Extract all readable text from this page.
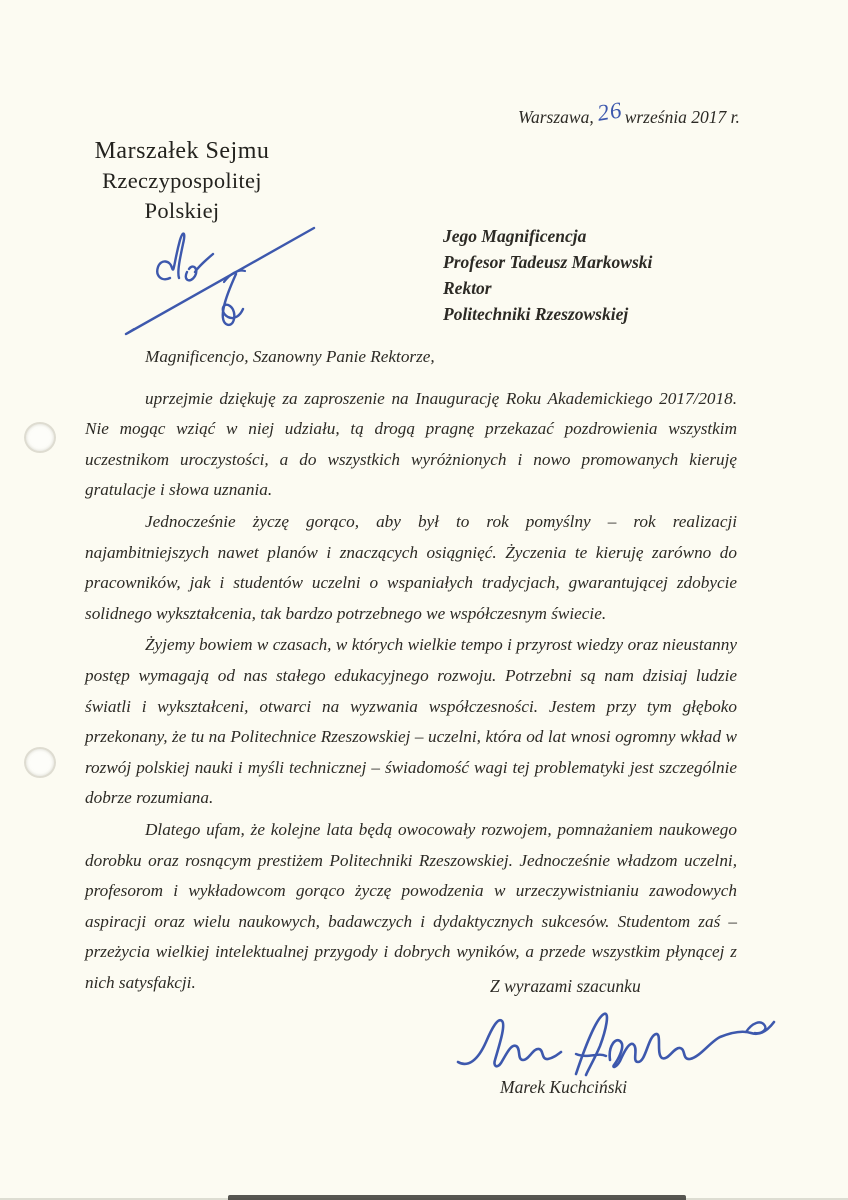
Warszawa, 26 września 2017 r.
Marszałek Sejmu
Rzeczypospolitej Polskiej
Jego Magnificencja
Profesor Tadeusz Markowski
Rektor
Politechniki Rzeszowskiej
Magnificencjo, Szanowny Panie Rektorze,

uprzejmie dziękuję za zaproszenie na Inaugurację Roku Akademickiego 2017/2018. Nie mogąc wziąć w niej udziału, tą drogą pragnę przekazać pozdrowienia wszystkim uczestnikom uroczystości, a do wszystkich wyróżnionych i nowo promowanych kieruję gratulacje i słowa uznania.

Jednocześnie życzę gorąco, aby był to rok pomyślny – rok realizacji najambitniejszych nawet planów i znaczących osiągnięć. Życzenia te kieruję zarówno do pracowników, jak i studentów uczelni o wspaniałych tradycjach, gwarantującej zdobycie solidnego wykształcenia, tak bardzo potrzebnego we współczesnym świecie.

Żyjemy bowiem w czasach, w których wielkie tempo i przyrost wiedzy oraz nieustanny postęp wymagają od nas stałego edukacyjnego rozwoju. Potrzebni są nam dzisiaj ludzie światli i wykształceni, otwarci na wyzwania współczesności. Jestem przy tym głęboko przekonany, że tu na Politechnice Rzeszowskiej – uczelni, która od lat wnosi ogromny wkład w rozwój polskiej nauki i myśli technicznej – świadomość wagi tej problematyki jest szczególnie dobrze rozumiana.

Dlatego ufam, że kolejne lata będą owocowały rozwojem, pomnażaniem naukowego dorobku oraz rosnącym prestiżem Politechniki Rzeszowskiej. Jednocześnie władzom uczelni, profesorom i wykładowcom gorąco życzę powodzenia w urzeczywistnianiu zawodowych aspiracji oraz wielu naukowych, badawczych i dydaktycznych sukcesów. Studentom zaś – przeżycia wielkiej intelektualnej przygody i dobrych wyników, a przede wszystkim płynącej z nich satysfakcji.	Z wyrazami szacunku
Marek Kuchciński
